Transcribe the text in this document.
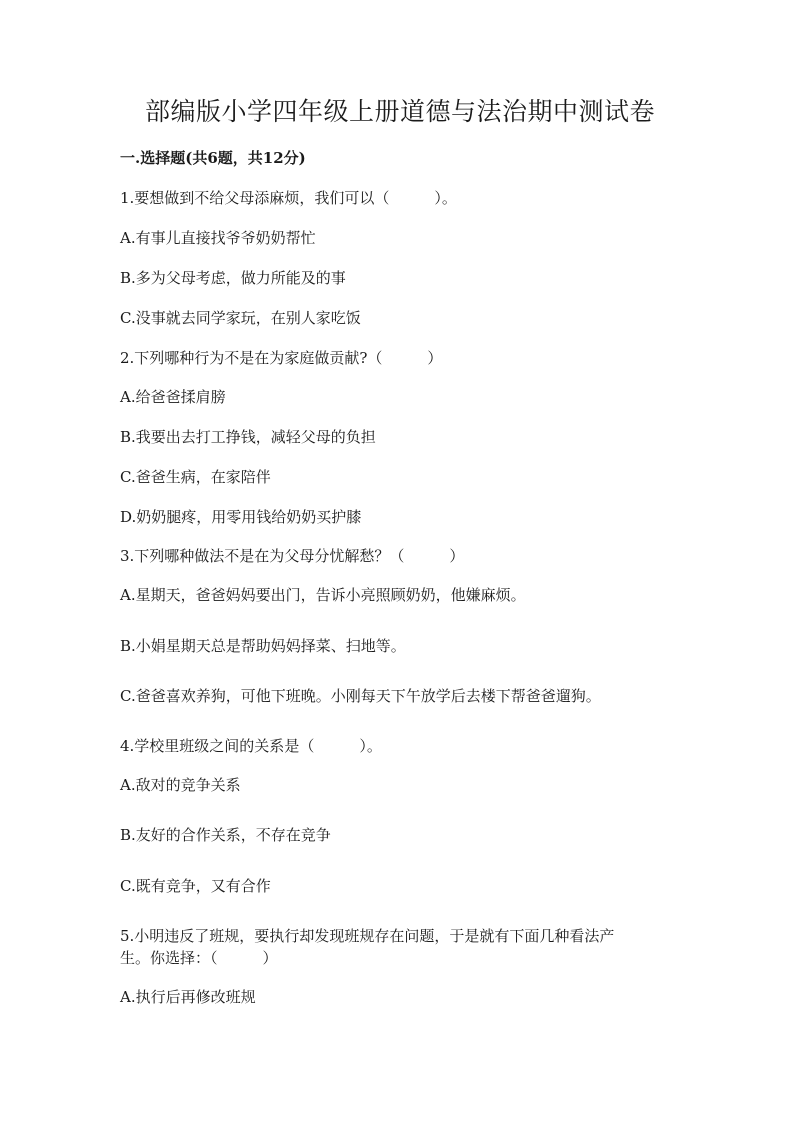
部编版小学四年级上册道德与法治期中测试卷

一.选择题(共6题，共12分)

1.要想做到不给父母添麻烦，我们可以（　　　）。

A.有事儿直接找爷爷奶奶帮忙

B.多为父母考虑，做力所能及的事

C.没事就去同学家玩，在别人家吃饭

2.下列哪种行为不是在为家庭做贡献?（　　　）

A.给爸爸揉肩膀

B.我要出去打工挣钱，减轻父母的负担

C.爸爸生病，在家陪伴

D.奶奶腿疼，用零用钱给奶奶买护膝

3.下列哪种做法不是在为父母分忧解愁？（　　　）

A.星期天，爸爸妈妈要出门，告诉小亮照顾奶奶，他嫌麻烦。

B.小娟星期天总是帮助妈妈择菜、扫地等。

C.爸爸喜欢养狗，可他下班晚。小刚每天下午放学后去楼下帮爸爸遛狗。

4.学校里班级之间的关系是（　　　）。

A.敌对的竞争关系

B.友好的合作关系，不存在竞争

C.既有竞争，又有合作

5.小明违反了班规，要执行却发现班规存在问题，于是就有下面几种看法产

生。你选择：（　　　）

A.执行后再修改班规
